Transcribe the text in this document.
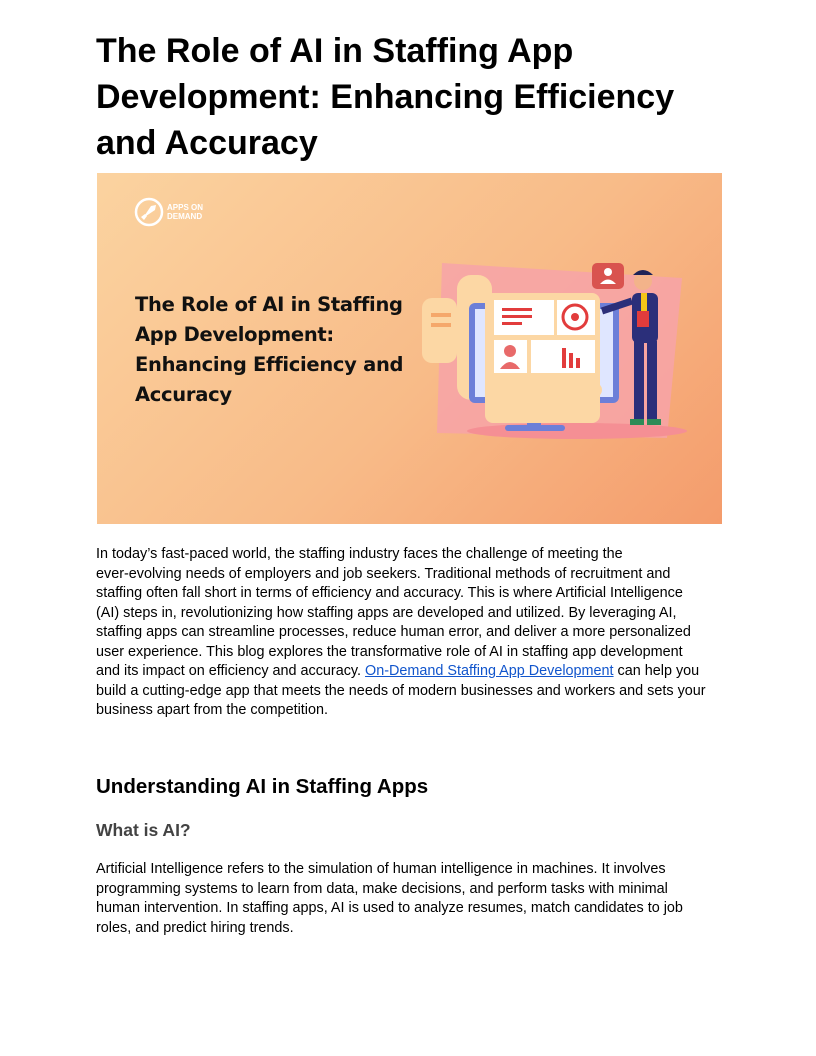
The Role of AI in Staffing App Development: Enhancing Efficiency and Accuracy
APPS ON
DEMAND
The Role of AI in Staffing App Development: Enhancing Efficiency and Accuracy
In today’s fast-paced world, the staffing industry faces the challenge of meeting the
ever-evolving needs of employers and job seekers. Traditional methods of recruitment and
staffing often fall short in terms of efficiency and accuracy. This is where Artificial Intelligence
(AI) steps in, revolutionizing how staffing apps are developed and utilized. By leveraging AI,
staffing apps can streamline processes, reduce human error, and deliver a more personalized
user experience. This blog explores the transformative role of AI in staffing app development
and its impact on efficiency and accuracy. On-Demand Staffing App Development can help you
build a cutting-edge app that meets the needs of modern businesses and workers and sets your
business apart from the competition.
Understanding AI in Staffing Apps
What is AI?
Artificial Intelligence refers to the simulation of human intelligence in machines. It involves
programming systems to learn from data, make decisions, and perform tasks with minimal
human intervention. In staffing apps, AI is used to analyze resumes, match candidates to job
roles, and predict hiring trends.
